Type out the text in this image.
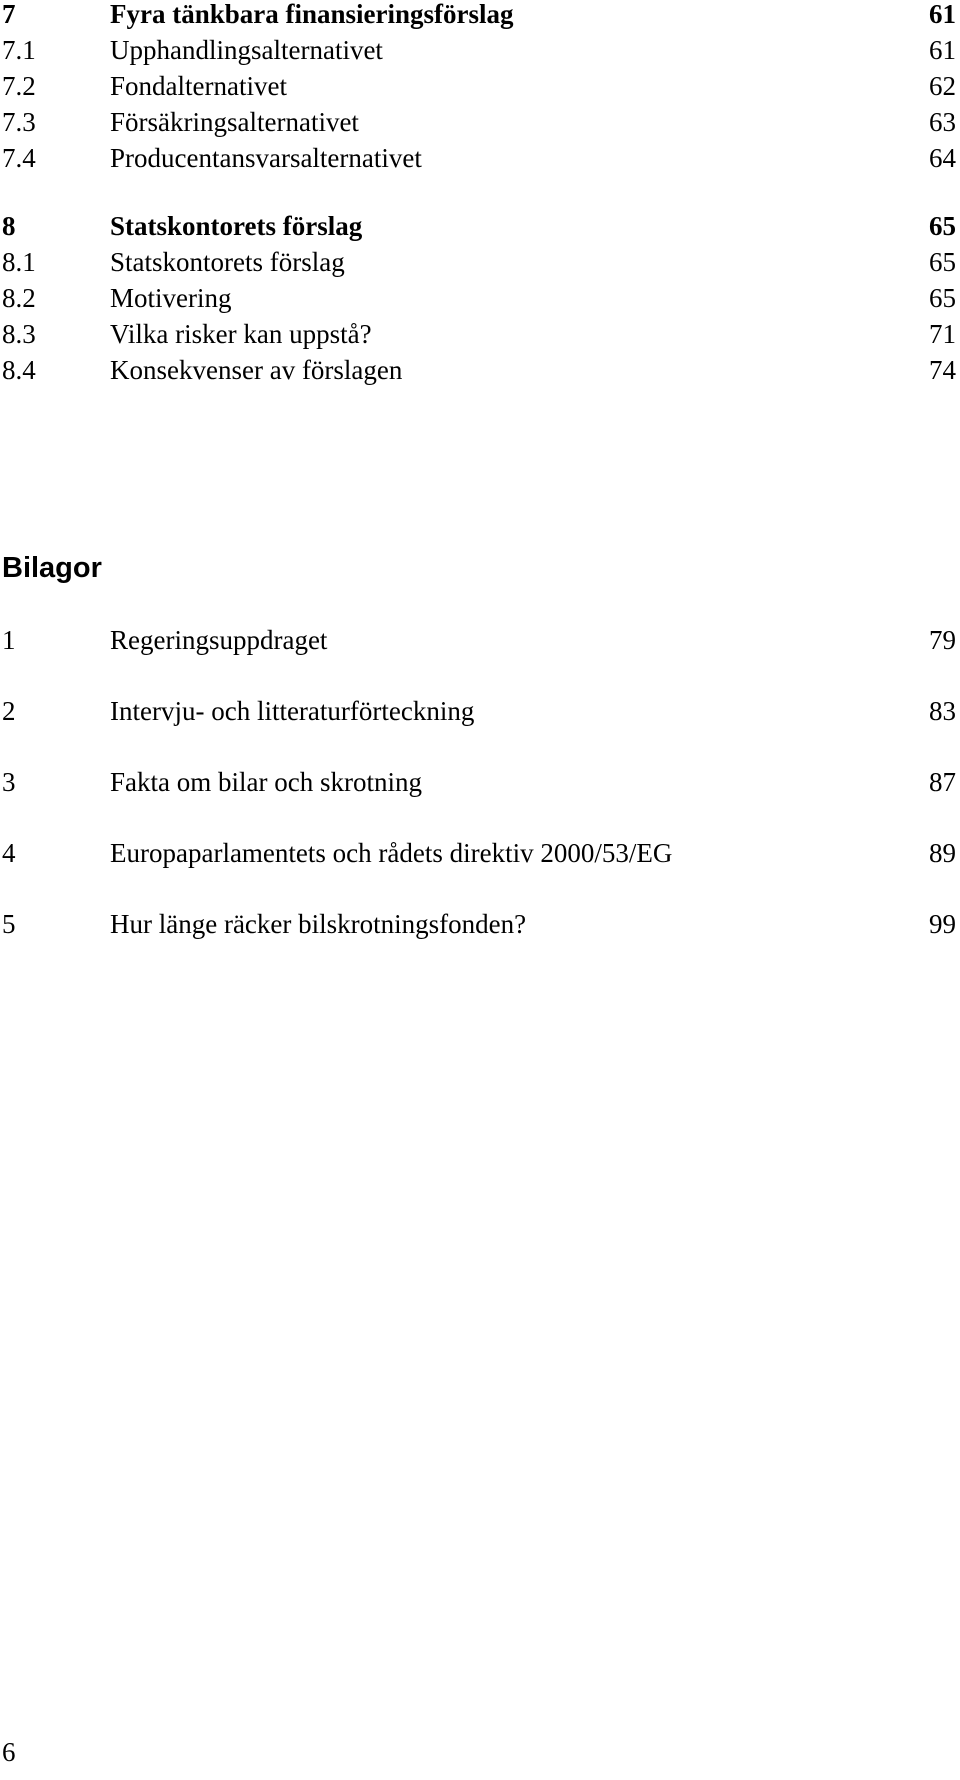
7	Fyra tänkbara finansieringsförslag	61
7.1	Upphandlingsalternativet	61
7.2	Fondalternativet	62
7.3	Försäkringsalternativet	63
7.4	Producentansvarsalternativet	64
8	Statskontorets förslag	65
8.1	Statskontorets förslag	65
8.2	Motivering	65
8.3	Vilka risker kan uppstå?	71
8.4	Konsekvenser av förslagen	74
Bilagor
1	Regeringsuppdraget	79
2	Intervju- och litteraturförteckning	83
3	Fakta om bilar och skrotning	87
4	Europaparlamentets och rådets direktiv 2000/53/EG	89
5	Hur länge räcker bilskrotningsfonden?	99
6
